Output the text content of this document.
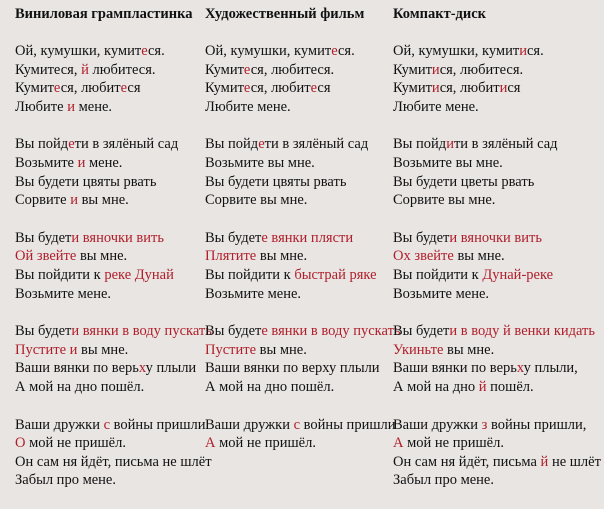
Виниловая грампластинка
Ой, кумушки, кумитеся.
Кумитеся, й любитеся.
Кумитеся, любитеся
Любите и мене.
Вы пойдети в зялёный сад
Возьмите и мене.
Вы будети цвяты рвать
Сорвите и вы мне.
Вы будети вяночки вить
Ой звейте вы мне.
Вы пойдити к реке Дунай
Возьмите мене.
Вы будети вянки в воду пускать
Пустите и вы мне.
Ваши вянки по верьху плыли
А мой на дно пошёл.
Ваши дружки с войны пришли
О мой не пришёл.
Он сам ня йдёт, письма не шлёт
Забыл про мене.
Художественный фильм
Ой, кумушки, кумитеся.
Кумитеся, любитеся.
Кумитеся, любитеся
Любите мене.
Вы пойдети в зялёный сад
Возьмите вы мне.
Вы будети цвяты рвать
Сорвите вы мне.
Вы будете вянки плясти
Плятите вы мне.
Вы пойдити к быстрай ряке
Возьмите мене.
Вы будете вянки в воду пускать
Пустите вы мне.
Ваши вянки по верху плыли
А мой на дно пошёл.
Ваши дружки с войны пришли
А мой не пришёл.
Компакт-диск
Ой, кумушки, кумитися.
Кумитися, любитеся.
Кумитися, любитися
Любите мене.
Вы пойдити в зялёный сад
Возьмите вы мне.
Вы будети цветы рвать
Сорвите вы мне.
Вы будети вяночки вить
Ох звейте вы мне.
Вы пойдити к Дунай-реке
Возьмите мене.
Вы будети в воду й венки кидать
Укиньте вы мне.
Ваши вянки по верьху плыли,
А мой на дно й пошёл.
Ваши дружки з войны пришли,
А мой не пришёл.
Он сам ня йдёт, письма й не шлёт
Забыл про мене.
